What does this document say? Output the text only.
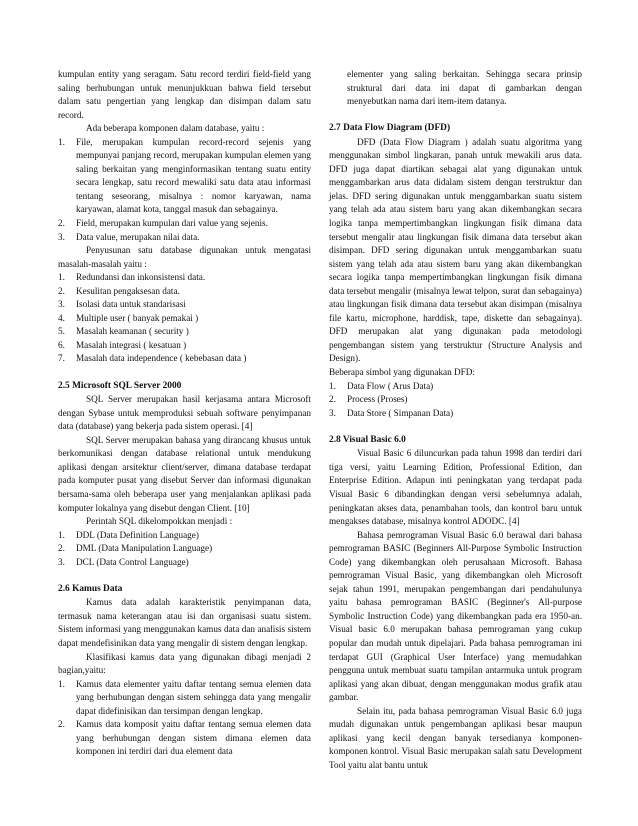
kumpulan entity yang seragam. Satu record terdiri field-field yang saling berhubungan untuk menunjukkuan bahwa field tersebut dalam satu pengertian yang lengkap dan disimpan dalam satu record.

Ada beberapa komponen dalam database, yaitu :

1. File, merupakan kumpulan record-record sejenis yang mempunyai panjang record, merupakan kumpulan elemen yang saling berkaitan yang menginformasikan tentang suatu entity secara lengkap, satu record mewaliki satu data atau informasi tentang seseorang, misalnya : nomor karyawan, nama karyawan, alamat kota, tanggal masuk dan sebagainya.
2. Field, merupakan kumpulan dari value yang sejenis.
3. Data value, merupakan nilai data.

Penyusunan satu database digunakan untuk mengatasi masalah-masalah yaitu :

1. Redundansi dan inkonsistensi data.
2. Kesulitan pengaksesan data.
3. Isolasi data untuk standarisasi
4. Multiple user ( banyak pemakai )
5. Masalah keamanan ( security )
6. Masalah integrasi ( kesatuan )
7. Masalah data independence ( kebebasan data )
2.5 Microsoft SQL Server 2000

SQL Server merupakan hasil kerjasama antara Microsoft dengan Sybase untuk memproduksi sebuah software penyimpanan data (database) yang bekerja pada sistem operasi. [4]

SQL Server merupakan bahasa yang dirancang khusus untuk berkomunikasi dengan database relational untuk mendukung aplikasi dengan arsitektur client/server, dimana database terdapat pada komputer pusat yang disebut Server dan informasi digunakan bersama-sama oleh beberapa user yang menjalankan aplikasi pada komputer lokalnya yang disebut dengan Client. [10]

Perintah SQL dikelompokkan menjadi :

1. DDL (Data Definition Language)
2. DML (Data Manipulation Language)
3. DCL (Data Control Language)
2.6 Kamus Data

Kamus data adalah karakteristik penyimpanan data, termasuk nama keterangan atau isi dan organisasi suatu sistem. Sistem informasi yang menggunakan kamus data dan analisis sistem dapat mendefisinikan data yang mengalir di sistem dengan lengkap.

Klasifikasi kamus data yang digunakan dibagi menjadi 2 bagian,yaitu:

1. Kamus data elementer yaitu daftar tentang semua elemen data yang berhubungan dengan sistem sehingga data yang mengalir dapat didefinisikan dan tersimpan dengan lengkap.
2. Kamus data komposit yaitu daftar tentang semua elemen data yang berhubungan dengan sistem dimana elemen data komponen ini terdiri dari dua element data

elementer yang saling berkaitan. Sehingga secara prinsip struktural dari data ini dapat di gambarkan dengan menyebutkan nama dari item-item datanya.

2.7 Data Flow Diagram (DFD)

DFD (Data Flow Diagram ) adalah suatu algoritma yang menggunakan simbol lingkaran, panah untuk mewakili arus data. DFD juga dapat diartikan sebagai alat yang digunakan untuk menggambarkan arus data didalam sistem dengan terstruktur dan jelas. DFD sering digunakan untuk menggambarkan suatu sistem yang telah ada atau sistem baru yang akan dikembangkan secara logika tanpa mempertimbangkan lingkungan fisik dimana data tersebut mengalir atau lingkungan fisik dimana data tersebut akan disimpan. DFD sering digunakan untuk menggambarkan suatu sistem yang telah ada atau sistem baru yang akan dikembangkan secara logika tanpa mempertimbangkan lingkungan fisik dimana data tersebut mengalir (misalnya lewat telpon, surat dan sebagainya) atau lingkungan fisik dimana data tersebut akan disimpan (misalnya file kartu, microphone, harddisk, tape, diskette dan sebagainya). DFD merupakan alat yang digunakan pada metodologi pengembangan sistem yang terstruktur (Structure Analysis and Design).

Beberapa simbol yang digunakan DFD:

1. Data Flow ( Arus Data)
2. Process (Proses)
3. Data Store ( Simpanan Data)
2.8 Visual Basic 6.0

Visual Basic 6 diluncurkan pada tahun 1998 dan terdiri dari tiga versi, yaitu Learning Edition, Professional Edition, dan Enterprise Edition. Adapun inti peningkatan yang terdapat pada Visual Basic 6 dibandingkan dengan versi sebelumnya adalah, peningkatan akses data, penambahan tools, dan kontrol baru untuk mengakses database, misalnya kontrol ADODC. [4]

Bahasa pemrograman Visual Basic 6.0 berawal dari bahasa pemrograman BASIC (Beginners All-Purpose Symbolic Instruction Code) yang dikembangkan oleh perusahaan Microsoft. Bahasa pemrograman Visual Basic, yang dikembangkan oleh Microsoft sejak tahun 1991, merupakan pengembangan dari pendahulunya yaitu bahasa pemrograman BASIC (Beginner's All-purpose Symbolic Instruction Code) yang dikembangkan pada era 1950-an. Visual basic 6.0 merupakan bahasa pemrograman yang cukup popular dan mudah untuk dipelajari. Pada bahasa pemrograman ini terdapat GUI (Graphical User Interface) yang memudahkan pengguna untuk membuat suatu tampilan antarmuka untuk program aplikasi yang akan dibuat, dengan menggunakan modus grafik atau gambar.

Selain itu, pada bahasa pemrograman Visual Basic 6.0 juga mudah digunakan untuk pengembangan aplikasi besar maupun aplikasi yang kecil dengan banyak tersedianya komponen-komponen kontrol. Visual Basic merupakan salah satu Development Tool yaitu alat bantu untuk
